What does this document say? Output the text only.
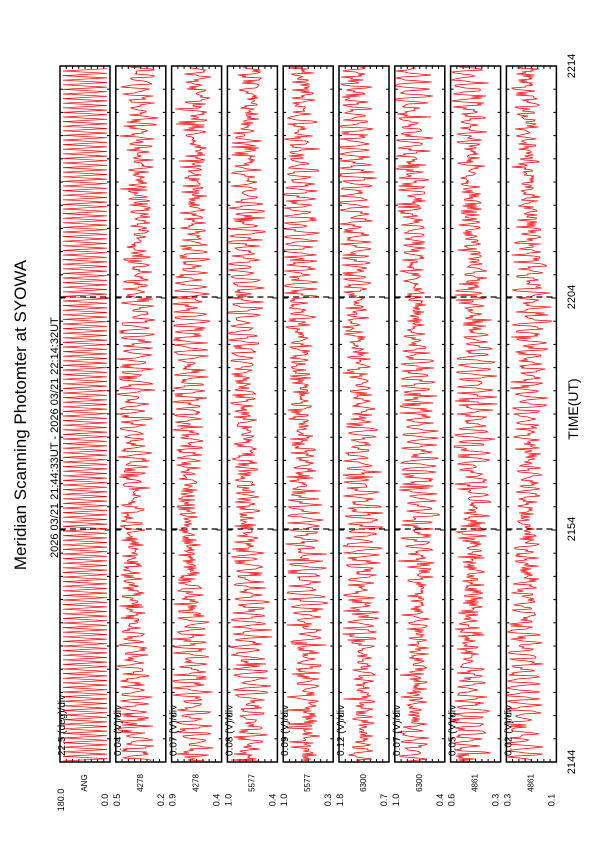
Meridian Scanning Photomter at SYOWA 2026 03/21 21:44:33UT - 2026 03/21 22:14:32UT	TIME(UT)
2144
2154
2204
2214
180.0	0.0
ANG
22.5 (deg)/div
0.5	0.2
4278
0.04 (V)/div
0.9	0.4
4278
0.07 (V)/div
1.0	0.4
5577
0.08 (V)/div
1.0	0.3
5577
0.09 (V)/div
1.8	0.7
6300
0.12 (V)/div
1.0	0.4
6300
0.07 (V)/div
0.6	0.3
4861
0.05 (V)/div
0.3	0.1
4861
0.02 (V)/div
